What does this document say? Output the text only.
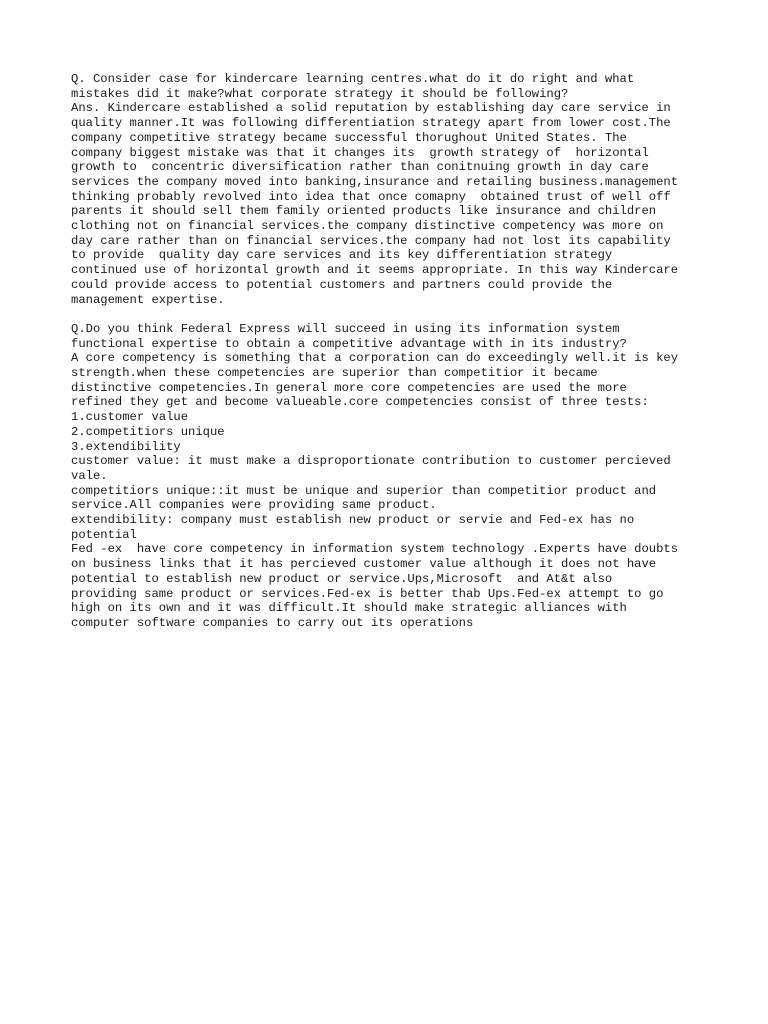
Q. Consider case for kindercare learning centres.what do it do right and what
mistakes did it make?what corporate strategy it should be following?
Ans. Kindercare established a solid reputation by establishing day care service in
quality manner.It was following differentiation strategy apart from lower cost.The
company competitive strategy became successful thorughout United States. The
company biggest mistake was that it changes its  growth strategy of  horizontal
growth to  concentric diversification rather than conitnuing growth in day care
services the company moved into banking,insurance and retailing business.management
thinking probably revolved into idea that once comapny  obtained trust of well off
parents it should sell them family oriented products like insurance and children
clothing not on financial services.the company distinctive competency was more on
day care rather than on financial services.the company had not lost its capability
to provide  quality day care services and its key differentiation strategy
continued use of horizontal growth and it seems appropriate. In this way Kindercare
could provide access to potential customers and partners could provide the
management expertise.
Q.Do you think Federal Express will succeed in using its information system
functional expertise to obtain a competitive advantage with in its industry?
A core competency is something that a corporation can do exceedingly well.it is key
strength.when these competencies are superior than competitior it became
distinctive competencies.In general more core competencies are used the more
refined they get and become valueable.core competencies consist of three tests:
1.customer value
2.competitiors unique
3.extendibility
customer value: it must make a disproportionate contribution to customer percieved
vale.
competitiors unique::it must be unique and superior than competitior product and
service.All companies were providing same product.
extendibility: company must establish new product or servie and Fed-ex has no
potential
Fed -ex  have core competency in information system technology .Experts have doubts
on business links that it has percieved customer value although it does not have
potential to establish new product or service.Ups,Microsoft  and At&t also
providing same product or services.Fed-ex is better thab Ups.Fed-ex attempt to go
high on its own and it was difficult.It should make strategic alliances with
computer software companies to carry out its operations
